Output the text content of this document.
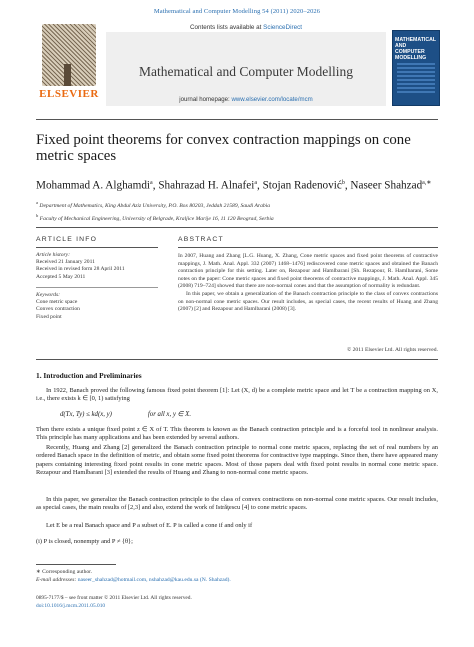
Mathematical and Computer Modelling 54 (2011) 2020–2026
ELSEVIER
Contents lists available at ScienceDirect
Mathematical and Computer Modelling
journal homepage: www.elsevier.com/locate/mcm
MATHEMATICAL AND COMPUTER MODELLING
Fixed point theorems for convex contraction mappings on cone metric spaces
Mohammad A. Alghamdi$^a$, Shahrazad H. Alnafei$^a$, Stojan Radenović$^b$, Naseer Shahzad$^{a,∗}$
$^a$ Department of Mathematics, King Abdul Aziz University, P.O. Box 80203, Jeddah 21589, Saudi Arabia
$^b$ Faculty of Mechanical Engineering, University of Belgrade, Kraljice Marije 16, 11 120 Beograd, Serbia
ARTICLE INFO	ABSTRACT
Article history:
Received 21 January 2011
Received in revised form 28 April 2011
Accepted 5 May 2011
Keywords:
Cone metric space
Convex contraction
Fixed point
In 2007, Huang and Zhang [L.G. Huang, X. Zhang, Cone metric spaces and fixed point theorems of contractive mappings, J. Math. Anal. Appl. 332 (2007) 1468–1476] rediscovered cone metric spaces and obtained the Banach contraction principle for this setting. Later on, Rezapour and Hamlbarani [Sh. Rezapour, R. Hamlbarani, Some notes on the paper: Cone metric spaces and fixed point theorems of contractive mappings, J. Math. Anal. Appl. 345 (2008) 719–724] showed that there are non-normal cones and that the assumption of normality is redundant.
In this paper, we obtain a generalization of the Banach contraction principle to the class of convex contractions on non-normal cone metric spaces. Our result includes, as special cases, the recent results of Huang and Zhang (2007) [2] and Rezapour and Hamlbarani (2008) [3].
© 2011 Elsevier Ltd. All rights reserved.
1. Introduction and Preliminaries
In 1922, Banach proved the following famous fixed point theorem [1]: Let (X, d) be a complete metric space and let T be a contraction mapping on X, i.e., there exists k ∈ [0, 1) satisfying
d(Tx, Ty) ≤ kd(x, y)	for all x, y ∈ X.
Then there exists a unique fixed point z ∈ X of T. This theorem is known as the Banach contraction principle and is a forceful tool in nonlinear analysis. This principle has many applications and has been extended by several authors.
Recently, Huang and Zhang [2] generalized the Banach contraction principle to normal cone metric spaces, replacing the set of real numbers by an ordered Banach space in the definition of metric, and obtain some fixed point theorems for contractive type mappings. Since then, there have appeared many papers containing interesting fixed point results in cone metric spaces. Most of those papers deal with fixed point results in normal cone metric space. Rezapour and Hamlbarani [3] extended the results of Huang and Zhang to non-normal cone metric spaces.
In this paper, we generalize the Banach contraction principle to the class of convex contractions on non-normal cone metric spaces. Our result includes, as special cases, the main results of [2,3] and also, extend the work of Istrăţescu [4] to cone metric spaces.
Let E be a real Banach space and P a subset of E. P is called a cone if and only if
(i) P is closed, nonempty and P ≠ {θ};
∗ Corresponding author.
E-mail addresses: naseer_shahzad@hotmail.com, nshahzad@kau.edu.sa (N. Shahzad).
0895-7177/$ – see front matter © 2011 Elsevier Ltd. All rights reserved.
doi:10.1016/j.mcm.2011.05.010
